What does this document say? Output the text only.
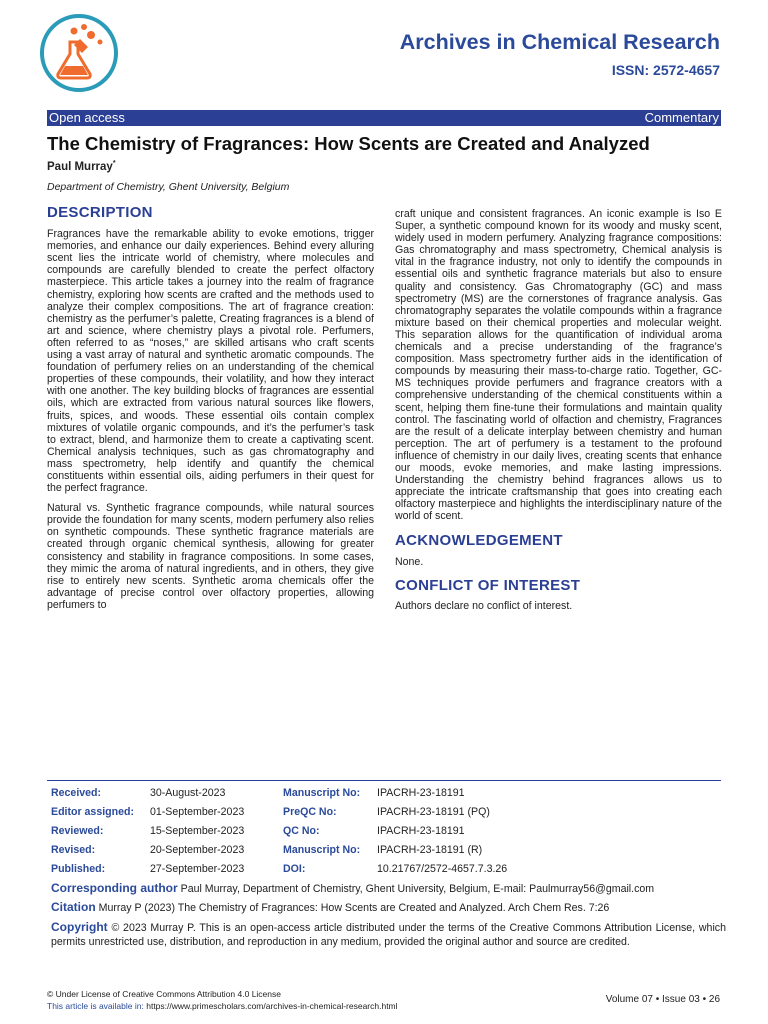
Archives in Chemical Research
ISSN: 2572-4657
Open access	Commentary
The Chemistry of Fragrances: How Scents are Created and Analyzed
Paul Murray*
Department of Chemistry, Ghent University, Belgium
DESCRIPTION

Fragrances have the remarkable ability to evoke emotions, trigger memories, and enhance our daily experiences. Behind every alluring scent lies the intricate world of chemistry, where molecules and compounds are carefully blended to create the perfect olfactory masterpiece. This article takes a journey into the realm of fragrance chemistry, exploring how scents are crafted and the methods used to analyze their complex compositions. The art of fragrance creation: chemistry as the perfumer’s palette, Creating fragrances is a blend of art and science, where chemistry plays a pivotal role. Perfumers, often referred to as “noses,” are skilled artisans who craft scents using a vast array of natural and synthetic aromatic compounds. The foundation of perfumery relies on an understanding of the chemical properties of these compounds, their volatility, and how they interact with one another. The key building blocks of fragrances are essential oils, which are extracted from various natural sources like flowers, fruits, spices, and woods. These essential oils contain complex mixtures of volatile organic compounds, and it’s the perfumer’s task to extract, blend, and harmonize them to create a captivating scent. Chemical analysis techniques, such as gas chromatography and mass spectrometry, help identify and quantify the chemical constituents within essential oils, aiding perfumers in their quest for the perfect fragrance.

Natural vs. Synthetic fragrance compounds, while natural sources provide the foundation for many scents, modern perfumery also relies on synthetic compounds. These synthetic fragrance materials are created through organic chemical synthesis, allowing for greater consistency and stability in fragrance compositions. In some cases, they mimic the aroma of natural ingredients, and in others, they give rise to entirely new scents. Synthetic aroma chemicals offer the advantage of precise control over olfactory properties, allowing perfumers to

craft unique and consistent fragrances. An iconic example is Iso E Super, a synthetic compound known for its woody and musky scent, widely used in modern perfumery. Analyzing fragrance compositions: Gas chromatography and mass spectrometry, Chemical analysis is vital in the fragrance industry, not only to identify the compounds in essential oils and synthetic fragrance materials but also to ensure quality and consistency. Gas Chromatography (GC) and mass spectrometry (MS) are the cornerstones of fragrance analysis. Gas chromatography separates the volatile compounds within a fragrance mixture based on their chemical properties and molecular weight. This separation allows for the quantification of individual aroma chemicals and a precise understanding of the fragrance’s composition. Mass spectrometry further aids in the identification of compounds by measuring their mass-to-charge ratio. Together, GC-MS techniques provide perfumers and fragrance creators with a comprehensive understanding of the chemical constituents within a scent, helping them fine-tune their formulations and maintain quality control. The fascinating world of olfaction and chemistry, Fragrances are the result of a delicate interplay between chemistry and human perception. The art of perfumery is a testament to the profound influence of chemistry in our daily lives, creating scents that enhance our moods, evoke memories, and make lasting impressions. Understanding the chemistry behind fragrances allows us to appreciate the intricate craftsmanship that goes into creating each olfactory masterpiece and highlights the interdisciplinary nature of the world of scent.

ACKNOWLEDGEMENT

None.

CONFLICT OF INTEREST

Authors declare no conflict of interest.

Received:	30-August-2023	Manuscript No:	IPACRH-23-18191
Editor assigned:	01-September-2023	PreQC No:	IPACRH-23-18191 (PQ)
Reviewed:	15-September-2023	QC No:	IPACRH-23-18191
Revised:	20-September-2023	Manuscript No:	IPACRH-23-18191 (R)
Published:	27-September-2023	DOI:	10.21767/2572-4657.7.3.26
Corresponding author Paul Murray, Department of Chemistry, Ghent University, Belgium, E-mail: Paulmurray56@gmail.com
Citation Murray P (2023) The Chemistry of Fragrances: How Scents are Created and Analyzed. Arch Chem Res. 7:26
Copyright © 2023 Murray P. This is an open-access article distributed under the terms of the Creative Commons Attribution License, which permits unrestricted use, distribution, and reproduction in any medium, provided the original author and source are credited.
© Under License of Creative Commons Attribution 4.0 License
This article is available in: https://www.primescholars.com/archives-in-chemical-research.html
Volume 07 • Issue 03 • 26
